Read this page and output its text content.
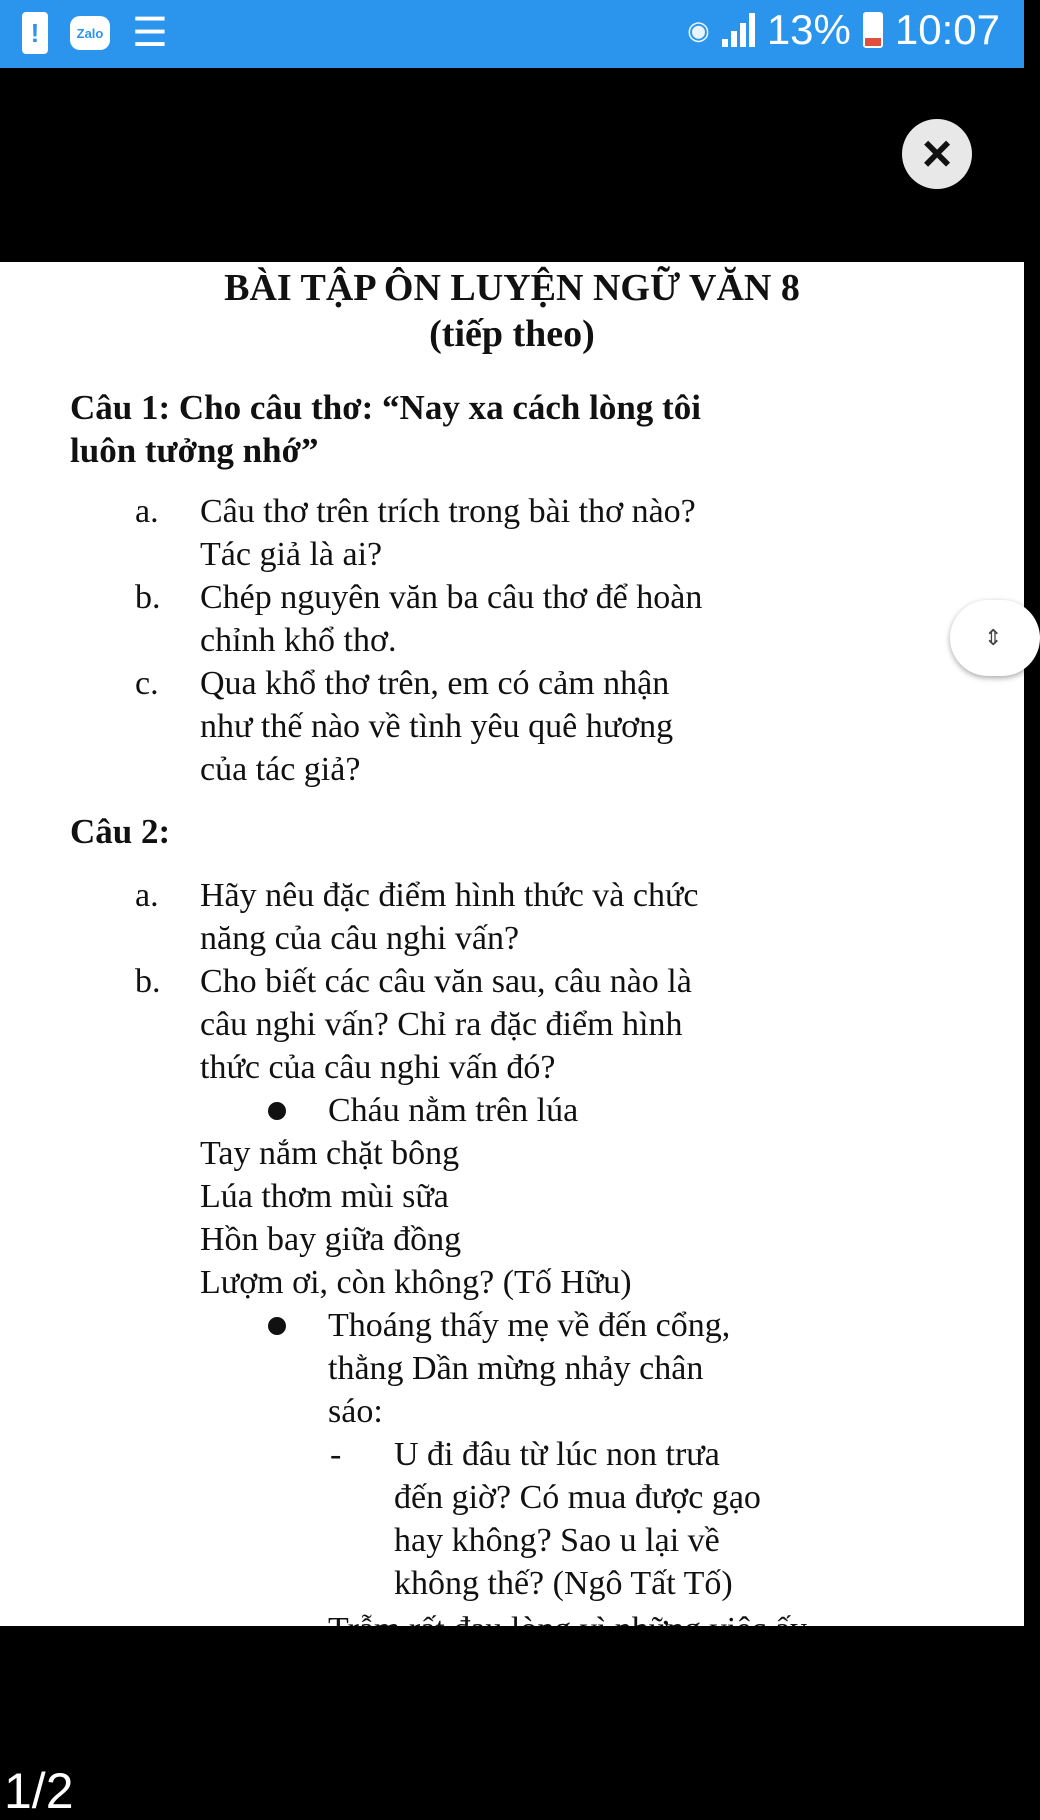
!	Zalo ☰	◉ 13% 10:07
×
BÀI TẬP ÔN LUYỆN NGỮ VĂN 8
(tiếp theo)
Câu 1: Cho câu thơ: “Nay xa cách lòng tôi
luôn tưởng nhớ”
a. Câu thơ trên trích trong bài thơ nào?
Tác giả là ai?
b. Chép nguyên văn ba câu thơ để hoàn
chỉnh khổ thơ.
c. Qua khổ thơ trên, em có cảm nhận
như thế nào về tình yêu quê hương
của tác giả?
Câu 2:
a. Hãy nêu đặc điểm hình thức và chức
năng của câu nghi vấn?
b. Cho biết các câu văn sau, câu nào là
câu nghi vấn? Chỉ ra đặc điểm hình
thức của câu nghi vấn đó?
Cháu nằm trên lúa
Tay nắm chặt bông
Lúa thơm mùi sữa
Hồn bay giữa đồng
Lượm ơi, còn không? (Tố Hữu)
Thoáng thấy mẹ về đến cổng,
thằng Dần mừng nhảy chân
sáo:
- U đi đâu từ lúc non trưa
đến giờ? Có mua được gạo
hay không? Sao u lại về
không thế? (Ngô Tất Tố)
⇕
1/2
